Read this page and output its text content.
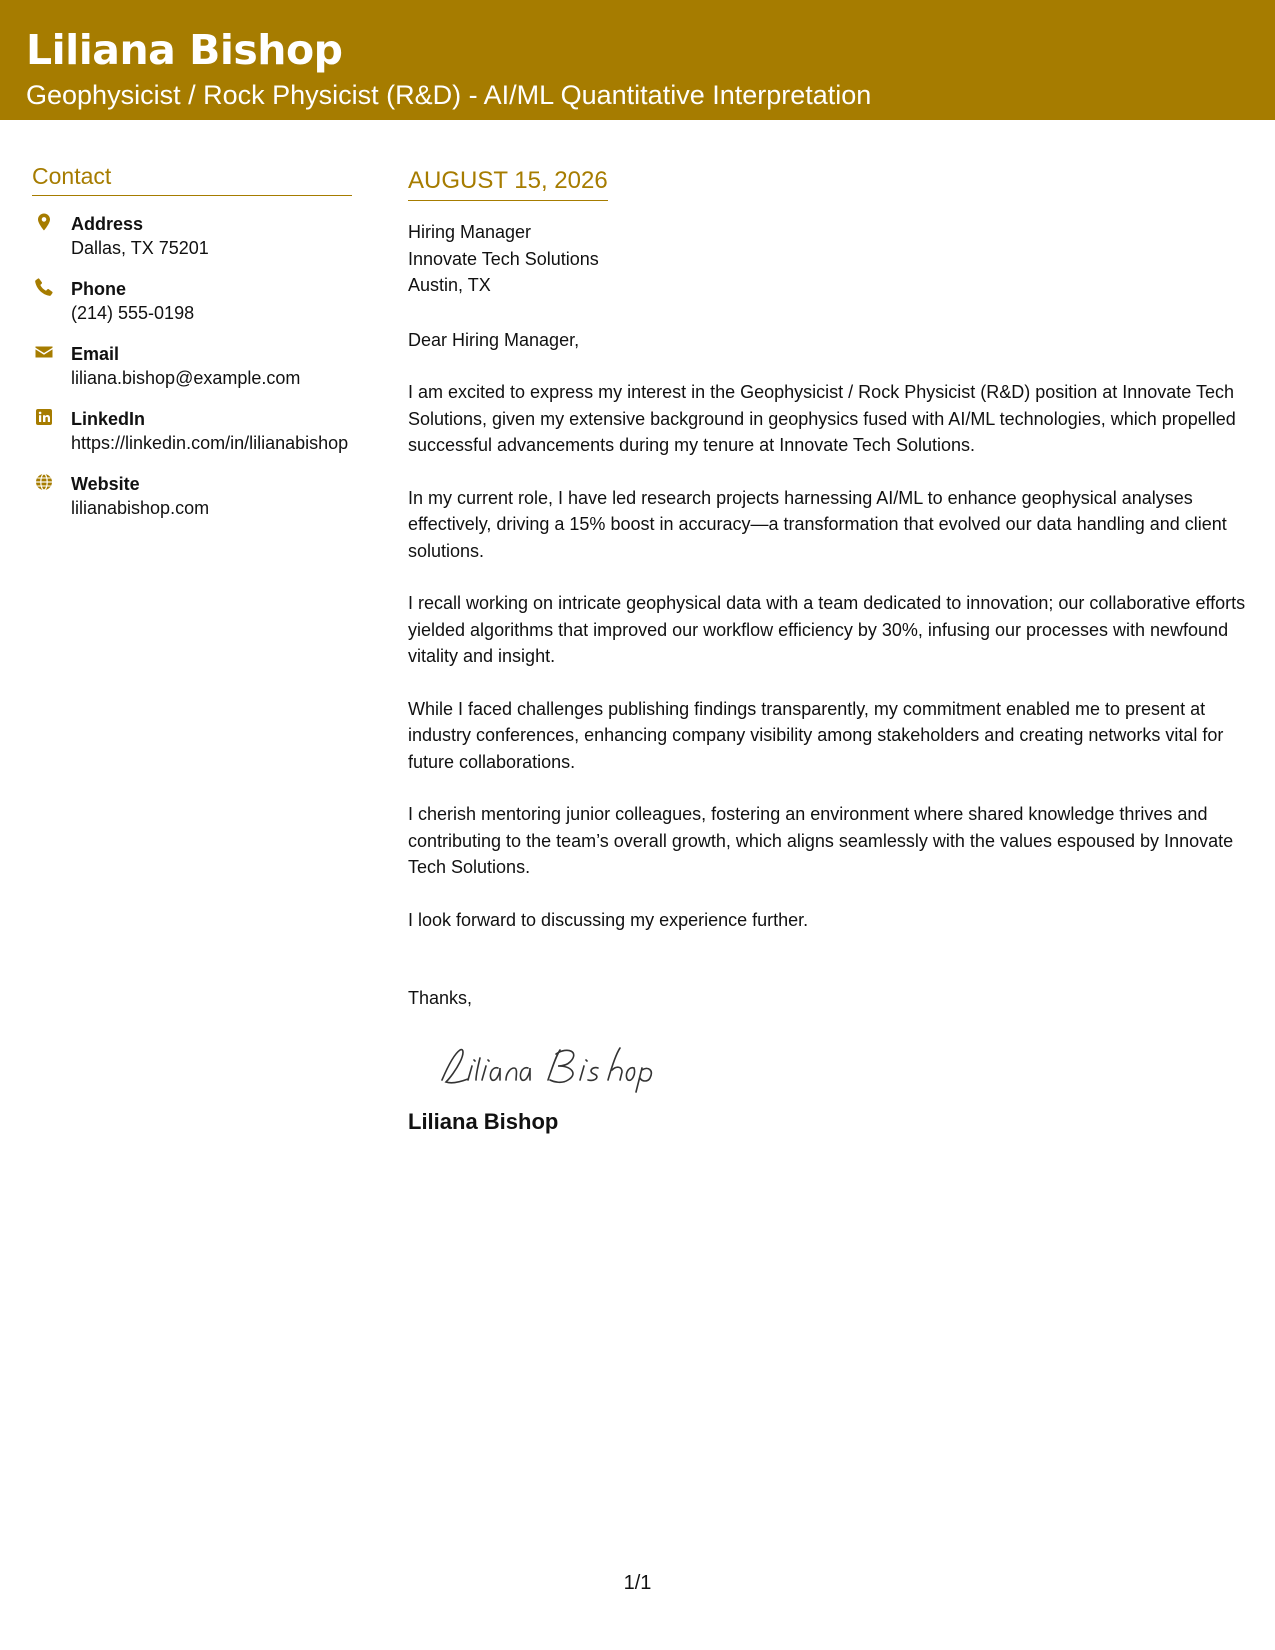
Liliana Bishop
Geophysicist / Rock Physicist (R&D) - AI/ML Quantitative Interpretation
Contact
Address
Dallas, TX 75201
Phone
(214) 555-0198
Email
liliana.bishop@example.com
LinkedIn
https://linkedin.com/in/lilianabishop
Website
lilianabishop.com
AUGUST 15, 2026
Hiring Manager
Innovate Tech Solutions
Austin, TX
Dear Hiring Manager,
I am excited to express my interest in the Geophysicist / Rock Physicist (R&D) position at Innovate Tech Solutions, given my extensive background in geophysics fused with AI/ML technologies, which propelled successful advancements during my tenure at Innovate Tech Solutions.
In my current role, I have led research projects harnessing AI/ML to enhance geophysical analyses effectively, driving a 15% boost in accuracy—a transformation that evolved our data handling and client solutions.
I recall working on intricate geophysical data with a team dedicated to innovation; our collaborative efforts yielded algorithms that improved our workflow efficiency by 30%, infusing our processes with newfound vitality and insight.
While I faced challenges publishing findings transparently, my commitment enabled me to present at industry conferences, enhancing company visibility among stakeholders and creating networks vital for future collaborations.
I cherish mentoring junior colleagues, fostering an environment where shared knowledge thrives and contributing to the team’s overall growth, which aligns seamlessly with the values espoused by Innovate Tech Solutions.
I look forward to discussing my experience further.
Thanks,
Liliana Bishop
1/1
